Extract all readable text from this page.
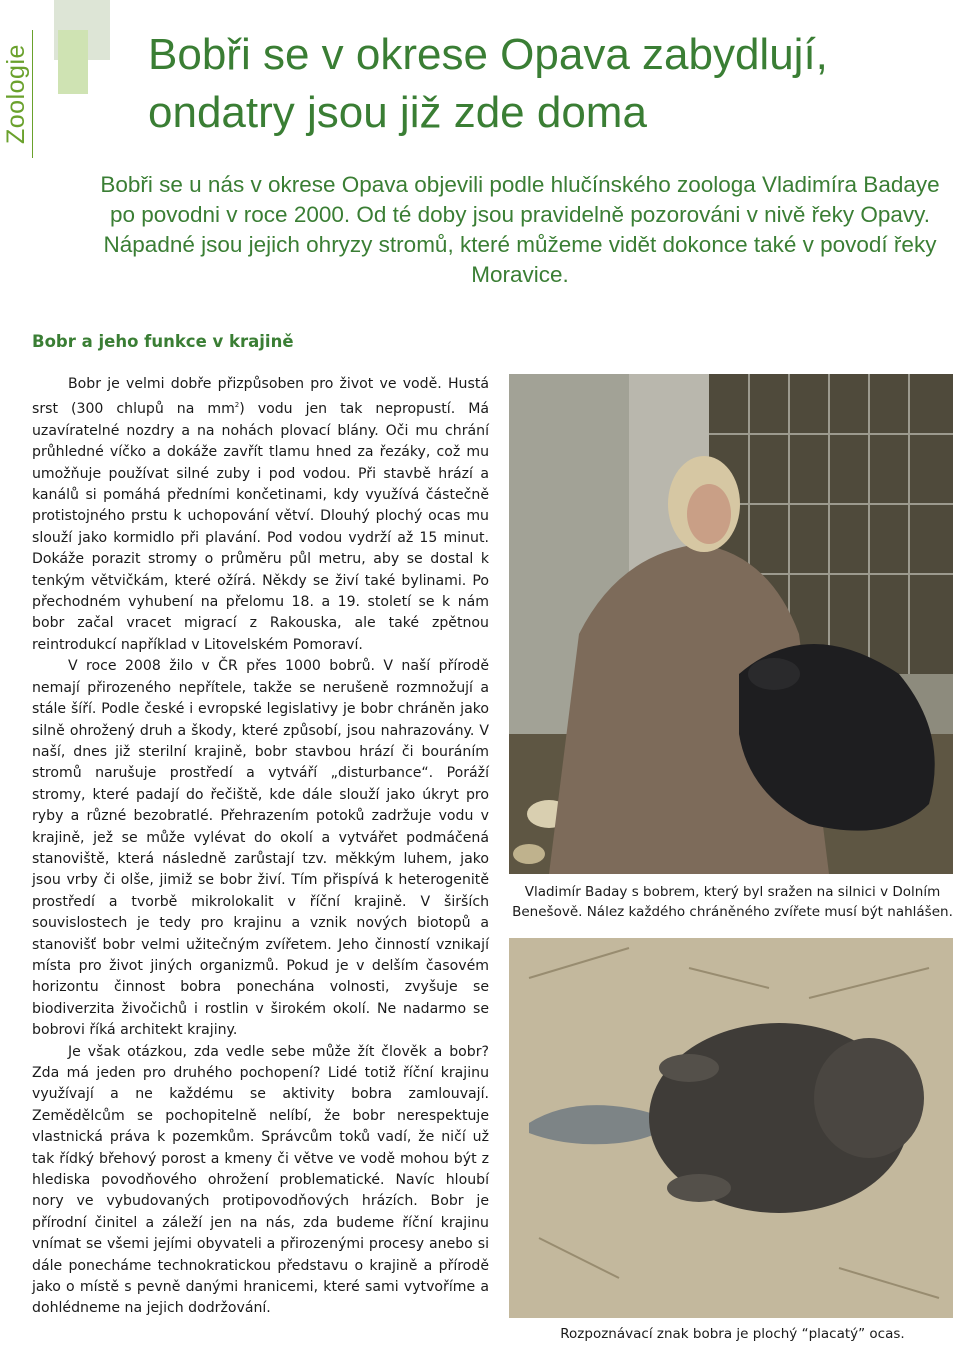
Zoologie	Bobři se v okrese Opava zabydlují, ondatry jsou již zde doma

Bobři se u nás v okrese Opava objevili podle hlučínského zoologa Vladimíra Badaye po povodni v roce 2000. Od té doby jsou pravidelně pozorováni v nivě řeky Opavy. Nápadné jsou jejich ohryzy stromů, které můžeme vidět dokonce také v povodí řeky Moravice.

Bobr a jeho funkce v krajině

Bobr je velmi dobře přizpůsoben pro život ve vodě. Hustá srst (300 chlupů na $mm^2$) vodu jen tak nepropustí. Má uzavíratelné nozdry a na nohách plovací blány. Oči mu chrání průhledné víčko a dokáže zavřít tlamu hned za řezáky, což mu umožňuje používat silné zuby i pod vodou. Při stavbě hrází a kanálů si pomáhá předními končetinami, kdy využívá částečně protistojného prstu k uchopování větví. Dlouhý plochý ocas mu slouží jako kormidlo při plavání. Pod vodou vydrží až 15 minut. Dokáže porazit stromy o průměru půl metru, aby se dostal k tenkým větvičkám, které ožírá. Někdy se živí také bylinami. Po přechodném vyhubení na přelomu 18. a 19. století se k nám bobr začal vracet migrací z Rakouska, ale také zpětnou reintrodukcí například v Litovelském Pomoraví.

V roce 2008 žilo v ČR přes 1000 bobrů. V naší přírodě nemají přirozeného nepřítele, takže se nerušeně rozmnožují a stále šíří. Podle české i evropské legislativy je bobr chráněn jako silně ohrožený druh a škody, které způsobí, jsou nahrazovány. V naší, dnes již sterilní krajině, bobr stavbou hrází či bouráním stromů narušuje prostředí a vytváří „disturbance“. Poráží stromy, které padají do řečiště, kde dále slouží jako úkryt pro ryby a různé bezobratlé. Přehrazením potoků zadržuje vodu v krajině, jež se může vylévat do okolí a vytvářet podmáčená stanoviště, která následně zarůstají tzv. měkkým luhem, jako jsou vrby či olše, jimiž se bobr živí. Tím přispívá k heterogenitě prostředí a tvorbě mikrolokalit v říční krajině. V širších souvislostech je tedy pro krajinu a vznik nových biotopů a stanovišť bobr velmi užitečným zvířetem. Jeho činností vznikají místa pro život jiných organizmů. Pokud je v delším časovém horizontu činnost bobra ponechána volnosti, zvyšuje se biodiverzita živočichů i rostlin v širokém okolí. Ne nadarmo se bobrovi říká architekt krajiny.

Je však otázkou, zda vedle sebe může žít člověk a bobr? Zda má jeden pro druhého pochopení? Lidé totiž říční krajinu využívají a ne každému se aktivity bobra zamlouvají. Zemědělcům se pochopitelně nelíbí, že bobr nerespektuje vlastnická práva k pozemkům. Správcům toků vadí, že ničí už tak řídký břehový porost a kmeny či větve ve vodě mohou být z hlediska povodňového ohrožení problematické. Navíc hloubí nory ve vybudovaných protipovodňových hrázích. Bobr je přírodní činitel a záleží jen na nás, zda budeme říční krajinu vnímat se všemi jejími obyvateli a přirozenými procesy anebo si dále ponecháme technokratickou představu o krajině a přírodě jako o místě s pevně danými hranicemi, které sami vytvoříme a dohlédneme na jejich dodržování.

Vladimír Baday s bobrem, který byl sražen na silnici v Dolním Benešově. Nález každého chráněného zvířete musí být nahlášen.
Rozpoznávací znak bobra je plochý “placatý” ocas.
